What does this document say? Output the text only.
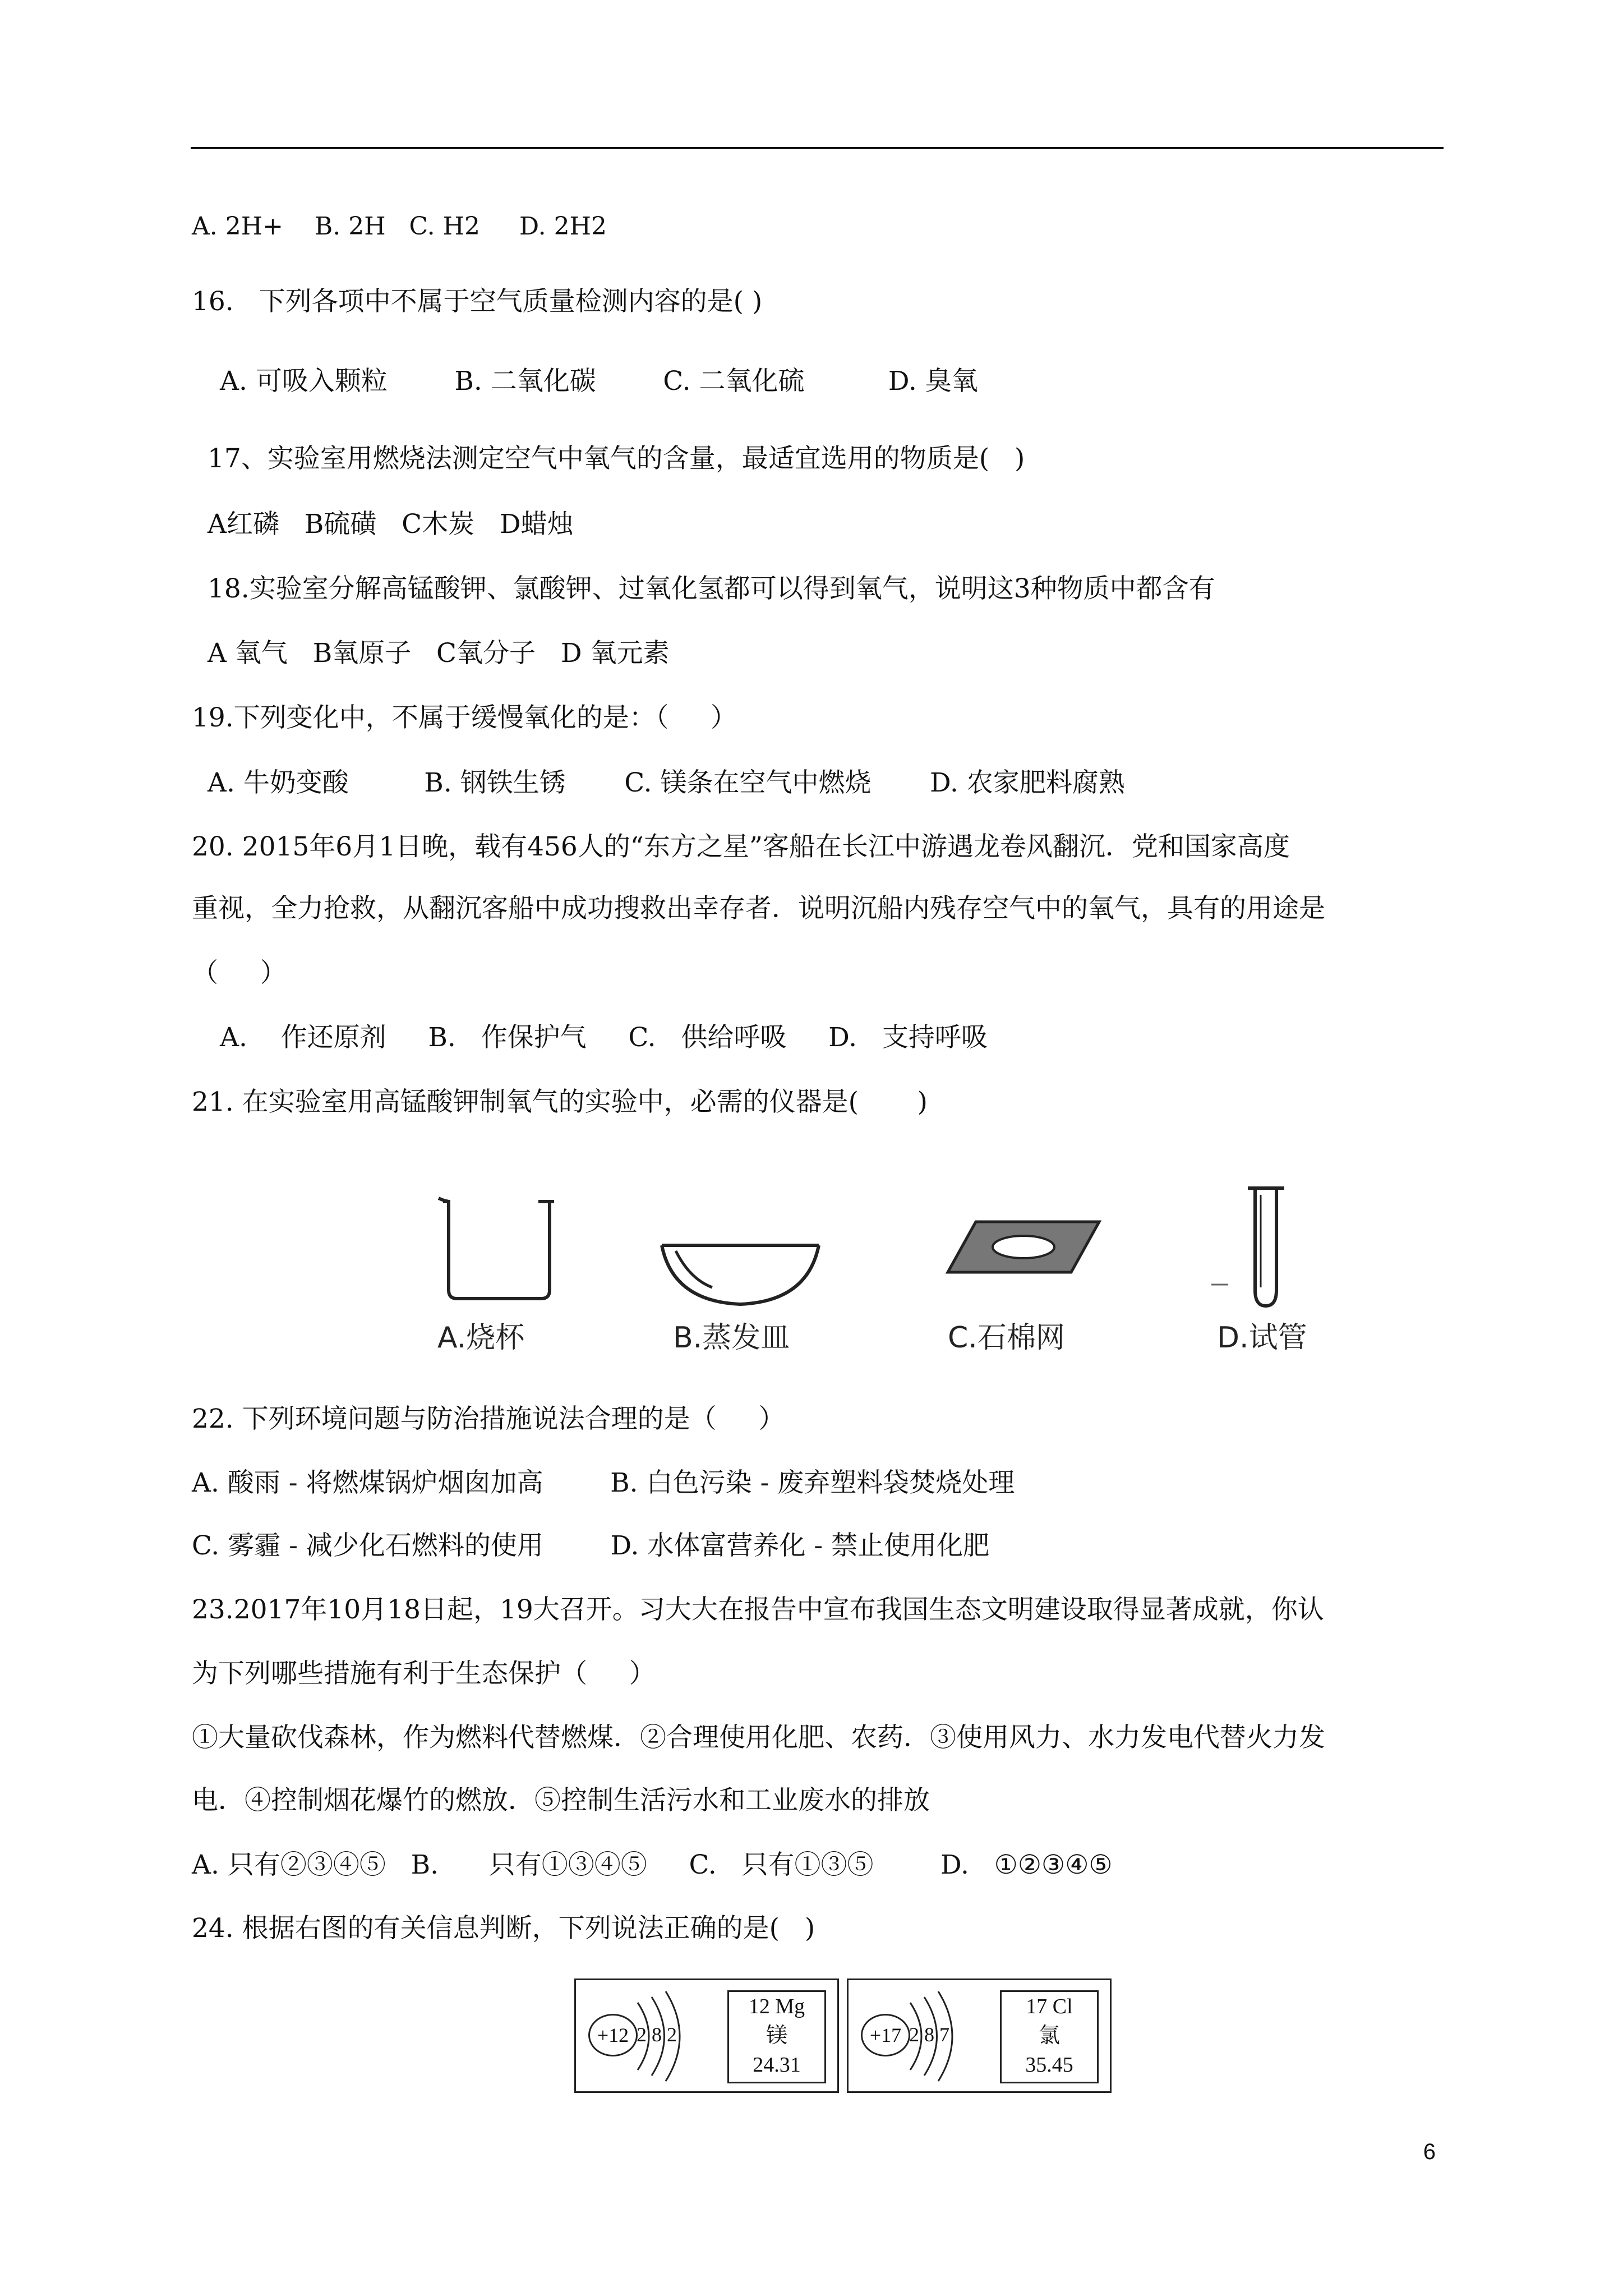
A. 2H+    B. 2H   C. H2     D. 2H2
16.   下列各项中不属于空气质量检测内容的是( )
A. 可吸入颗粒        B. 二氧化碳        C. 二氧化硫          D. 臭氧
17、实验室用燃烧法测定空气中氧气的含量，最适宜选用的物质是(   )
A红磷   B硫磺   C木炭   D蜡烛
18.实验室分解高锰酸钾、氯酸钾、过氧化氢都可以得到氧气，说明这3种物质中都含有
A 氧气   B氧原子   C氧分子   D 氧元素
19.下列变化中，不属于缓慢氧化的是：（     ）
A. 牛奶变酸         B. 钢铁生锈       C. 镁条在空气中燃烧       D. 农家肥料腐熟
20. 2015年6月1日晚，载有456人的“东方之星”客船在长江中游遇龙卷风翻沉．党和国家高度
重视，全力抢救，从翻沉客船中成功搜救出幸存者．说明沉船内残存空气中的氧气，具有的用途是
（     ）
A.    作还原剂     B.   作保护气     C.   供给呼吸     D.   支持呼吸
21. 在实验室用高锰酸钾制氧气的实验中，必需的仪器是(       )
A.烧杯	B.蒸发皿	C.石棉网	D.试管
22. 下列环境问题与防治措施说法合理的是（     ）
A. 酸雨 - 将燃煤锅炉烟囱加高        B. 白色污染 - 废弃塑料袋焚烧处理
C. 雾霾 - 减少化石燃料的使用        D. 水体富营养化 - 禁止使用化肥
23.2017年10月18日起，19大召开。习大大在报告中宣布我国生态文明建设取得显著成就，你认
为下列哪些措施有利于生态保护（     ）
①大量砍伐森林，作为燃料代替燃煤．②合理使用化肥、农药．③使用风力、水力发电代替火力发
电．④控制烟花爆竹的燃放．⑤控制生活污水和工业废水的排放
A. 只有②③④⑤   B.      只有①③④⑤     C.   只有①③⑤        D.   ①②③④⑤
24. 根据右图的有关信息判断，下列说法正确的是(   )
+12 2 8 2
12 Mg
镁
24.31
+17 2 8 7
17 Cl
氯
35.45
6
